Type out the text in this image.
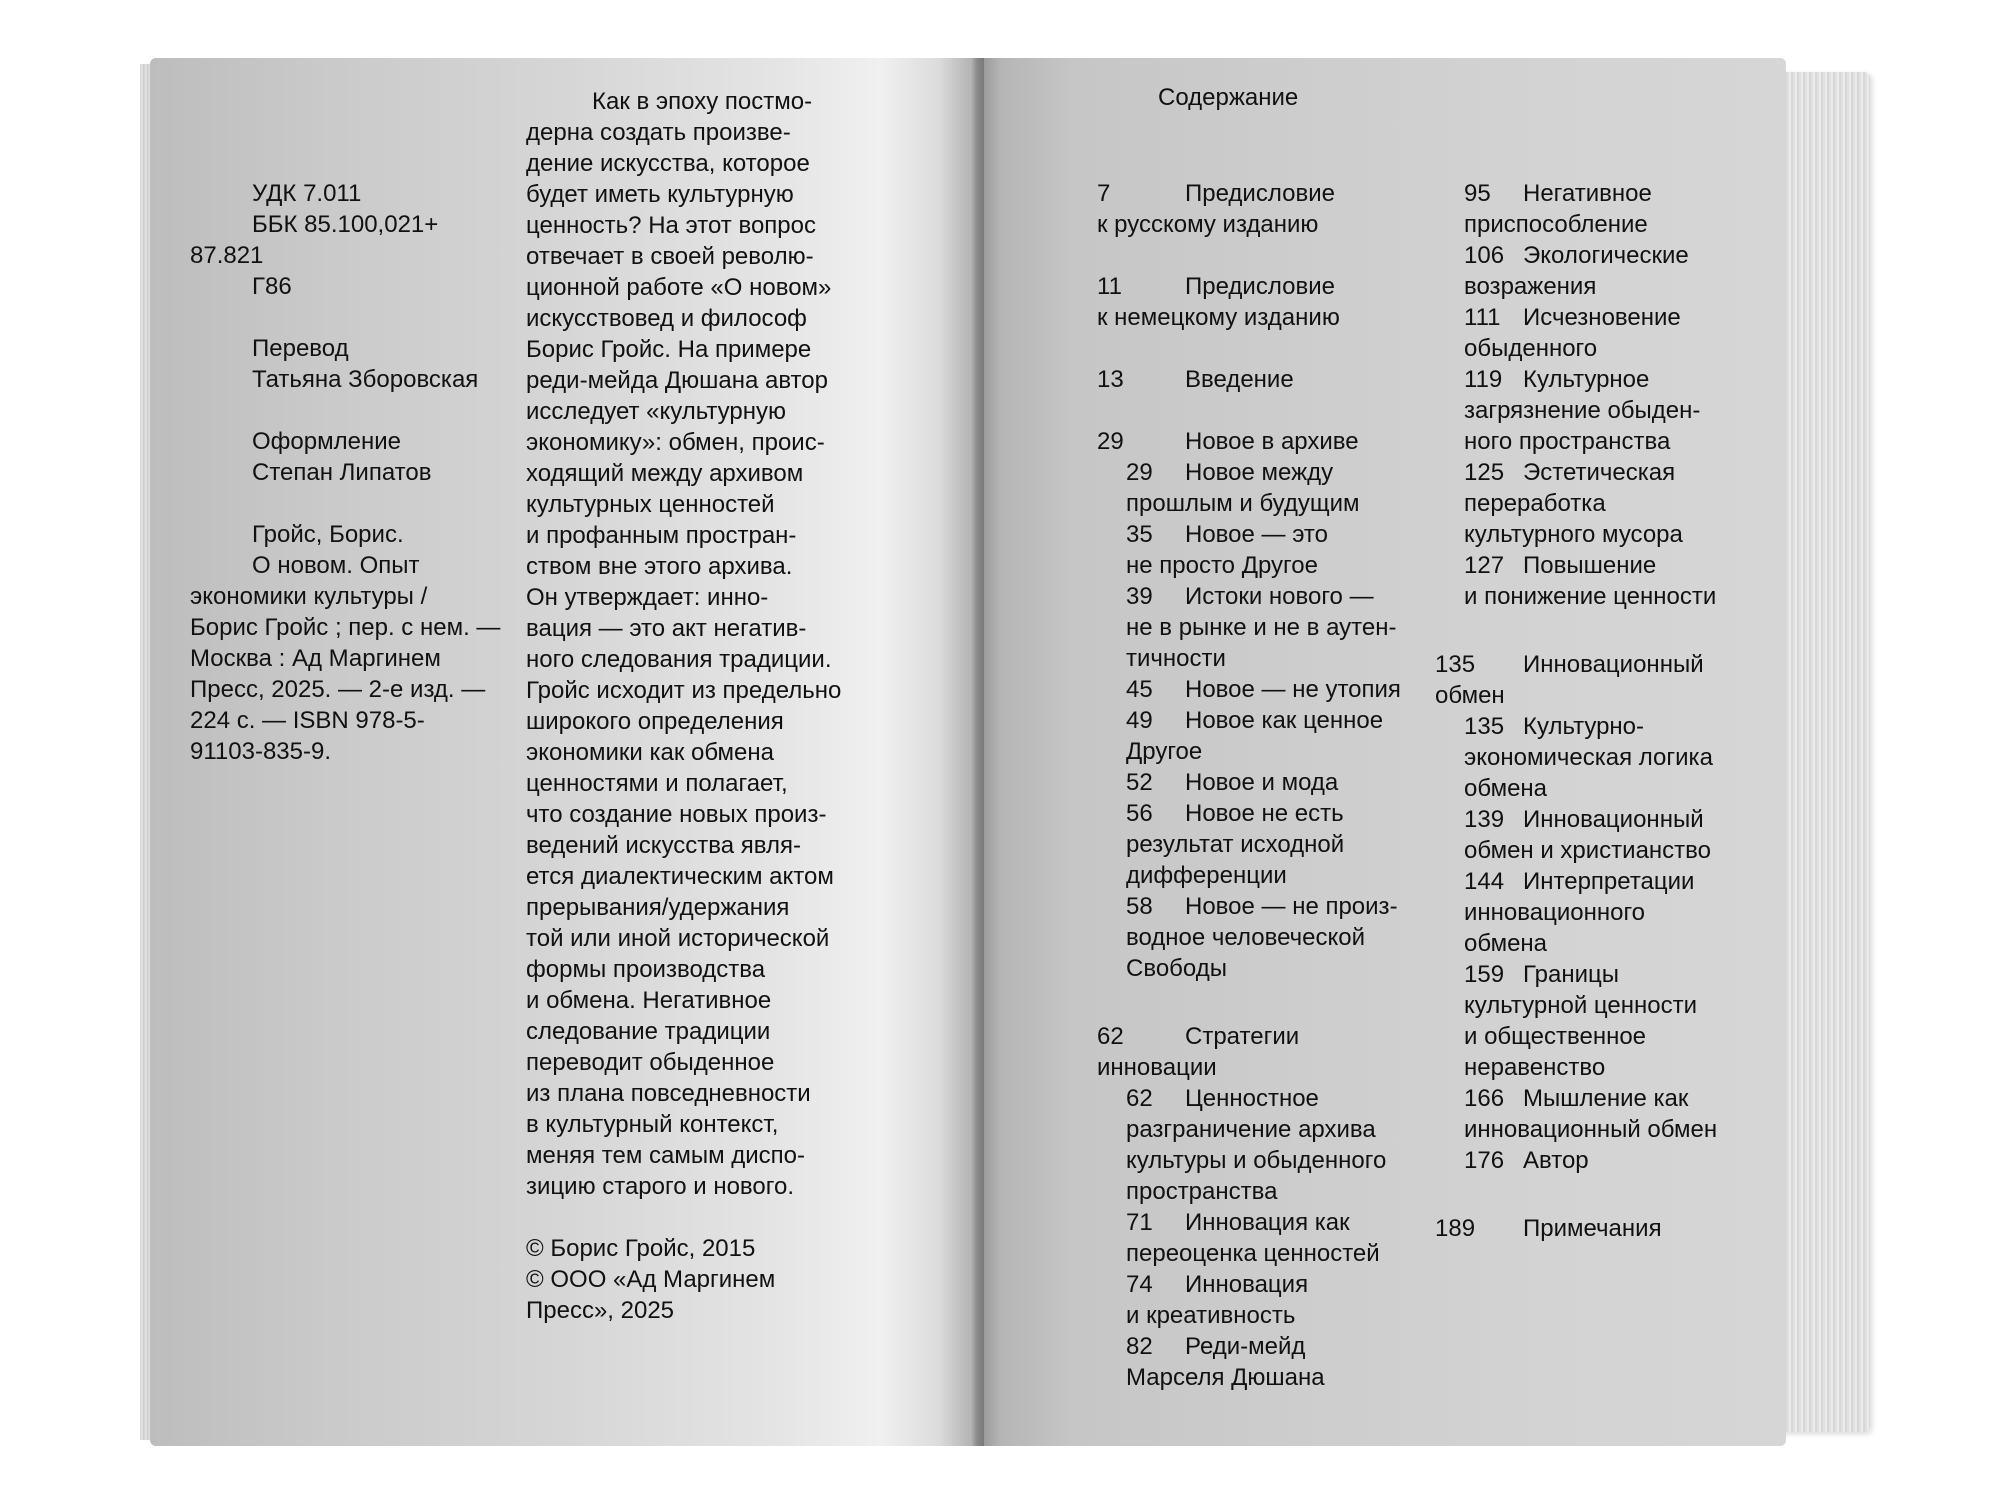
УДК 7.011
ББК 85.100,021+
87.821
Г86
Перевод
Татьяна Зборовская
Оформление
Степан Липатов
Гройс, Борис.
О новом. Опыт
экономики культуры /
Борис Гройс ; пер. с нем. —
Москва : Ад Маргинем
Пресс, 2025. — 2-е изд. —
224 с. — ISBN 978-5-
91103-835-9.
Как в эпоху постмо-
дерна создать произве-
дение искусства, которое
будет иметь культурную
ценность? На этот вопрос
отвечает в своей револю-
ционной работе «О новом»
искусствовед и философ
Борис Гройс. На примере
реди-мейда Дюшана автор
исследует «культурную
экономику»: обмен, проис-
ходящий между архивом
культурных ценностей
и профанным простран-
ством вне этого архива.
Он утверждает: инно-
вация — это акт негатив-
ного следования традиции.
Гройс исходит из предельно
широкого определения
экономики как обмена
ценностями и полагает,
что создание новых произ-
ведений искусства явля-
ется диалектическим актом
прерывания/удержания
той или иной исторической
формы производства
и обмена. Негативное
следование традиции
переводит обыденное
из плана повседневности
в культурный контекст,
меняя тем самым диспо-
зицию старого и нового.
© Борис Гройс, 2015
© ООО «Ад Маргинем
Пресс», 2025
Содержание
7	Предисловие
к русскому изданию
11	Предисловие
к немецкому изданию
13	Введение
29	Новое в архиве
29 Новое между
прошлым и будущим
35 Новое — это
не просто Другое
39 Истоки нового —
не в рынке и не в аутен-
тичности
45 Новое — не утопия
49 Новое как ценное
Другое
52 Новое и мода
56 Новое не есть
результат исходной
дифференции
58 Новое — не произ-
водное человеческой
Свободы
62	Стратегии
инновации
62 Ценностное
разграничение архива
культуры и обыденного
пространства
71 Инновация как
переоценка ценностей
74 Инновация
и креативность
82 Реди-мейд
Марселя Дюшана
95 Негативное
приспособление
106 Экологические
возражения
111 Исчезновение
обыденного
119 Культурное
загрязнение обыден-
ного пространства
125 Эстетическая
переработка
культурного мусора
127 Повышение
и понижение ценности
135 Инновационный
обмен
135 Культурно-
экономическая логика
обмена
139 Инновационный
обмен и христианство
144 Интерпретации
инновационного
обмена
159 Границы
культурной ценности
и общественное
неравенство
166 Мышление как
инновационный обмен
176 Автор
189 Примечания
